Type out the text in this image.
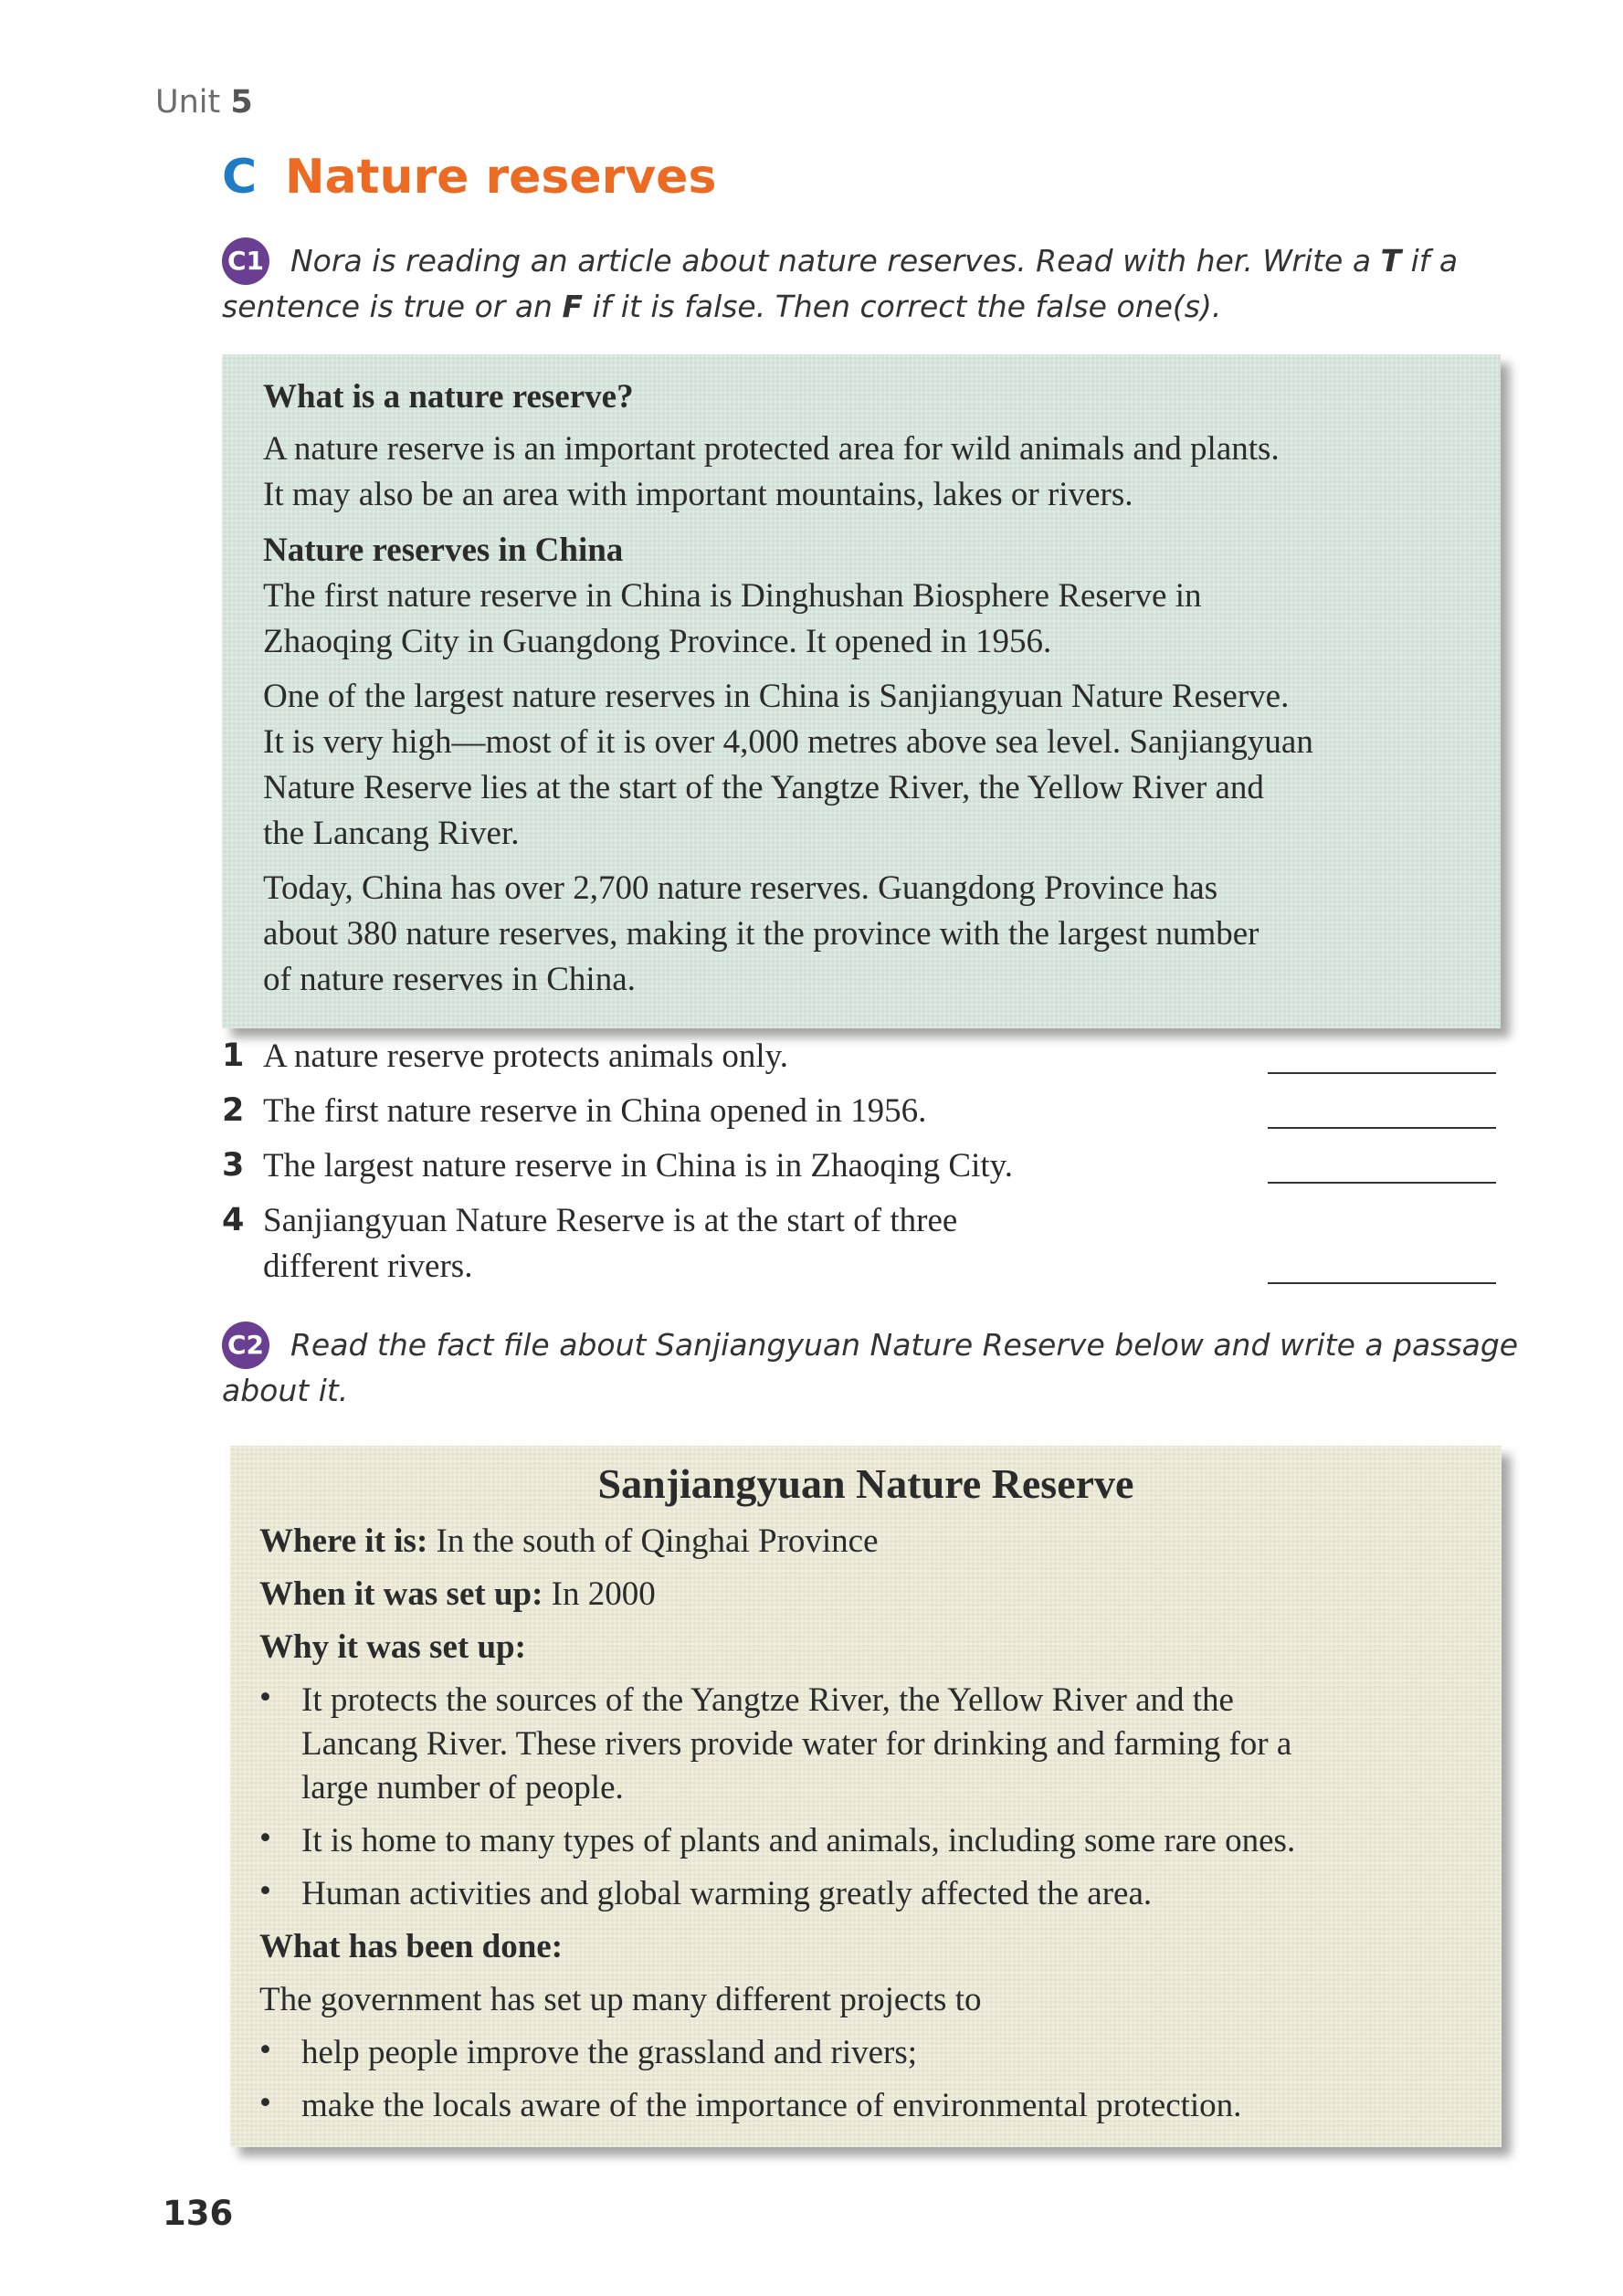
Unit 5
C Nature reserves
C1 Nora is reading an article about nature reserves. Read with her. Write a T if a
sentence is true or an F if it is false. Then correct the false one(s).
What is a nature reserve?
A nature reserve is an important protected area for wild animals and plants.
It may also be an area with important mountains, lakes or rivers.
Nature reserves in China
The first nature reserve in China is Dinghushan Biosphere Reserve in
Zhaoqing City in Guangdong Province. It opened in 1956.
One of the largest nature reserves in China is Sanjiangyuan Nature Reserve.
It is very high—most of it is over 4,000 metres above sea level. Sanjiangyuan
Nature Reserve lies at the start of the Yangtze River, the Yellow River and
the Lancang River.
Today, China has over 2,700 nature reserves. Guangdong Province has
about 380 nature reserves, making it the province with the largest number
of nature reserves in China.
1 A nature reserve protects animals only.
2 The first nature reserve in China opened in 1956.
3 The largest nature reserve in China is in Zhaoqing City.
4 Sanjiangyuan Nature Reserve is at the start of three
different rivers.
C2 Read the fact file about Sanjiangyuan Nature Reserve below and write a passage
about it.
Sanjiangyuan Nature Reserve
Where it is: In the south of Qinghai Province
When it was set up: In 2000
Why it was set up:
• It protects the sources of the Yangtze River, the Yellow River and the
Lancang River. These rivers provide water for drinking and farming for a
large number of people.
• It is home to many types of plants and animals, including some rare ones.
• Human activities and global warming greatly affected the area.
What has been done:
The government has set up many different projects to
• help people improve the grassland and rivers;
• make the locals aware of the importance of environmental protection.
136
